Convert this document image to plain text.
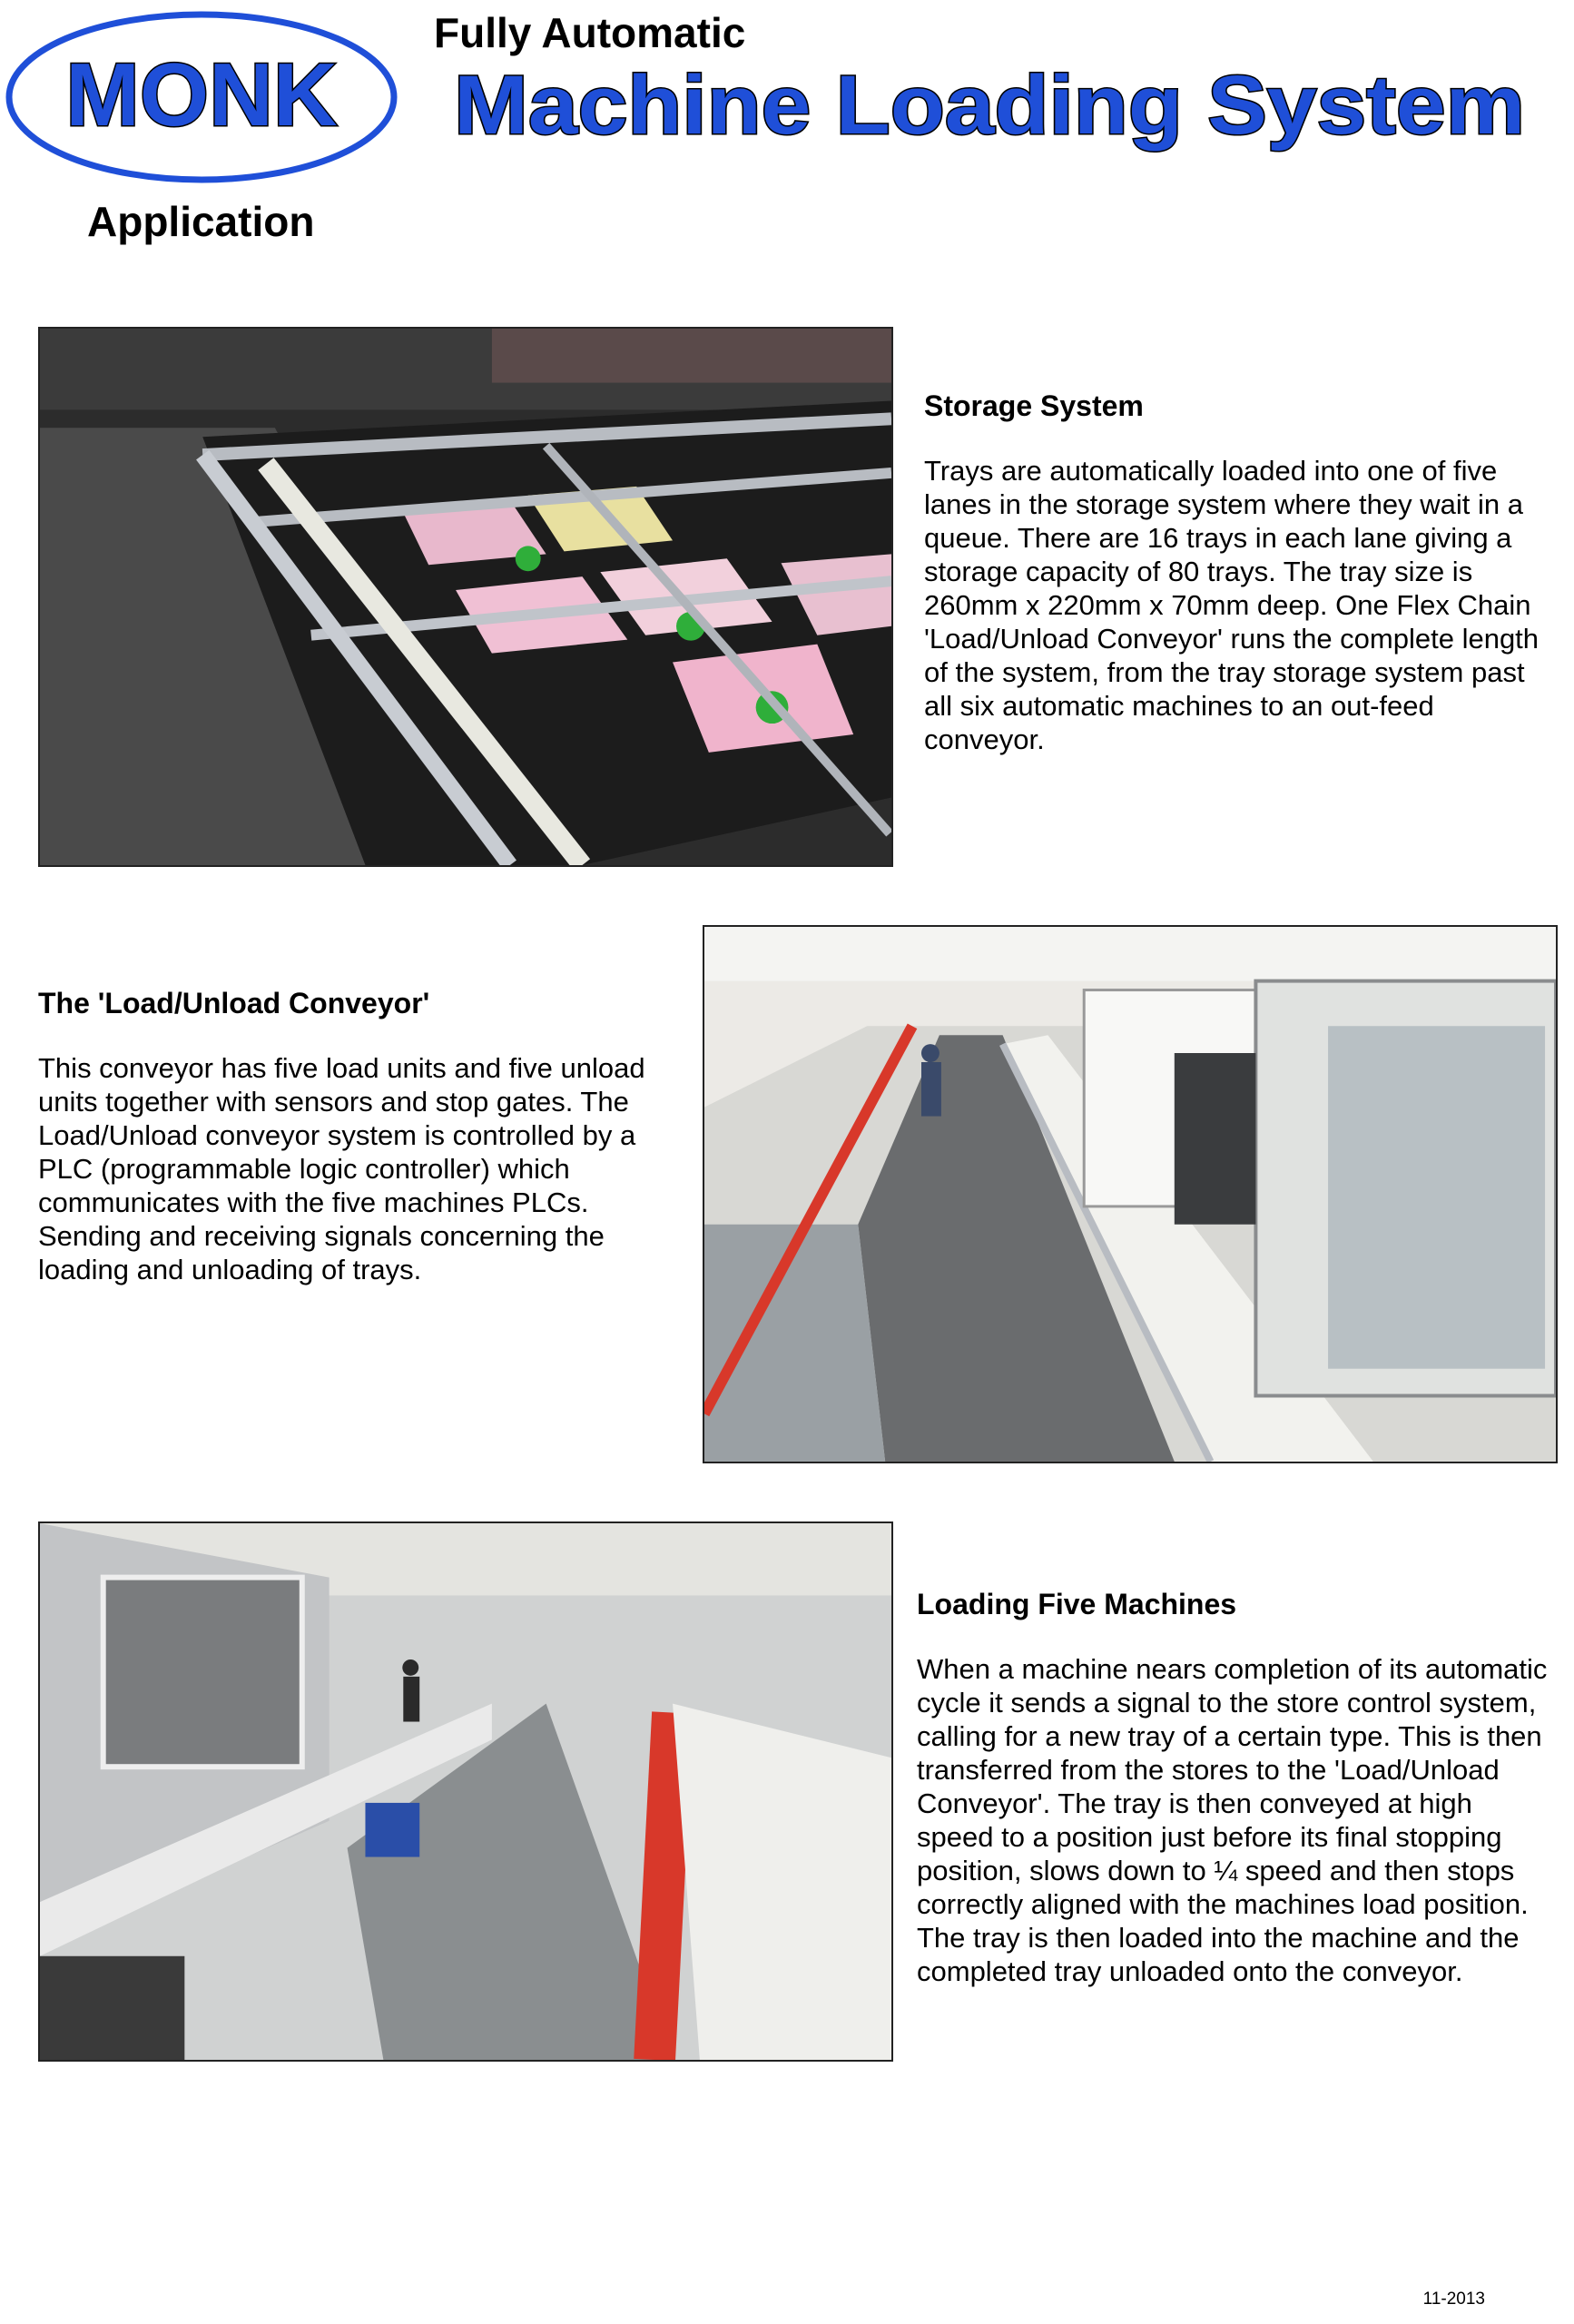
MONK
Fully Automatic
Machine Loading System
Application
Storage System

Trays are automatically loaded into one of five lanes in the storage system where they wait in a queue. There are 16 trays in each lane giving a storage capacity of 80 trays. The tray size is 260mm x 220mm x 70mm deep. One Flex Chain 'Load/Unload Conveyor' runs the complete length of the system, from the tray storage system past all six automatic machines to an out-feed conveyor.

The 'Load/Unload Conveyor'

This conveyor has five load units and five unload units together with sensors and stop gates. The Load/Unload conveyor system is controlled by a PLC (programmable logic controller) which communicates with the five machines PLCs. Sending and receiving signals concerning the loading and unloading of trays.

Loading Five Machines

When a machine nears completion of its automatic cycle it sends a signal to the store control system, calling for a new tray of a certain type. This is then transferred from the stores to the 'Load/Unload Conveyor'. The tray is then conveyed at high speed to a position just before its final stopping position, slows down to ¼ speed and then stops correctly aligned with the machines load position. The tray is then loaded into the machine and the completed tray unloaded onto the conveyor.

11-2013
